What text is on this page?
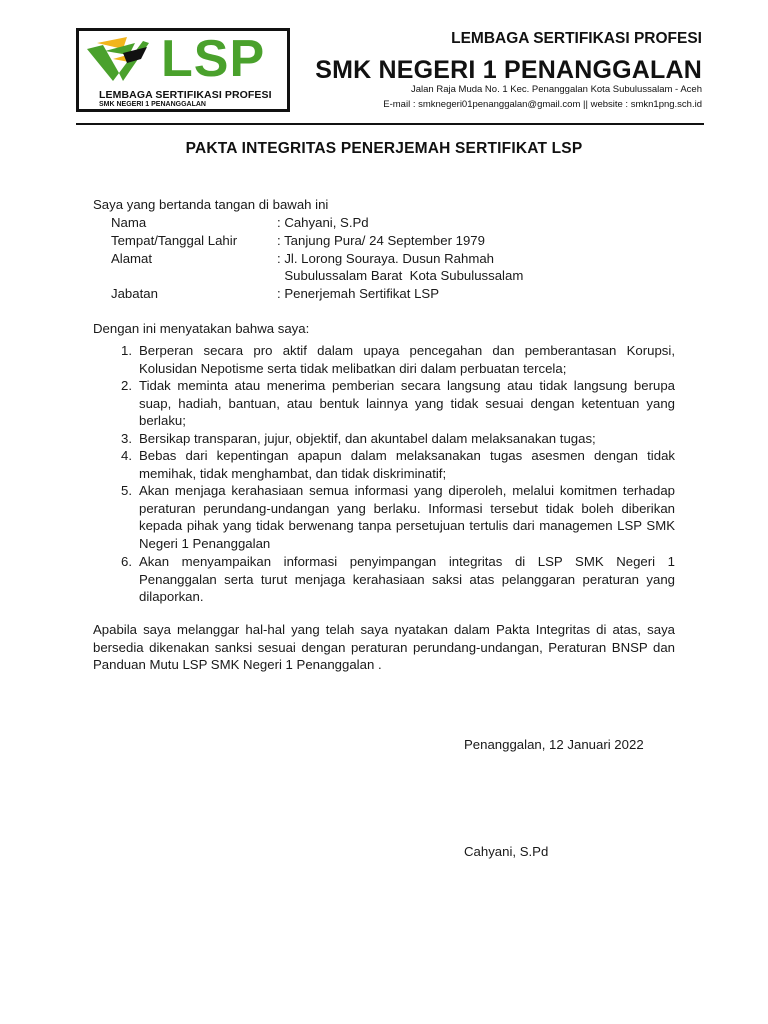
LSP
LEMBAGA SERTIFIKASI PROFESI
SMK NEGERI 1 PENANGGALAN
LEMBAGA SERTIFIKASI PROFESI
SMK NEGERI 1 PENANGGALAN
Jalan Raja Muda No. 1 Kec. Penanggalan Kota Subulussalam - Aceh
E-mail : smknegeri01penanggalan@gmail.com || website : smkn1png.sch.id
PAKTA INTEGRITAS PENERJEMAH SERTIFIKAT LSP
Saya yang bertanda tangan di bawah ini
Nama	: Cahyani, S.Pd
Tempat/Tanggal Lahir	: Tanjung Pura/ 24 September 1979
Alamat	: Jl. Lorong Souraya. Dusun Rahmah
Subulussalam Barat  Kota Subulussalam
Jabatan	: Penerjemah Sertifikat LSP
Dengan ini menyatakan bahwa saya:
1. Berperan secara pro aktif dalam upaya pencegahan dan pemberantasan Korupsi, Kolusidan Nepotisme serta tidak melibatkan diri dalam perbuatan tercela;
2. Tidak meminta atau menerima pemberian secara langsung atau tidak langsung berupa suap, hadiah, bantuan, atau bentuk lainnya yang tidak sesuai dengan ketentuan yang berlaku;
3. Bersikap transparan, jujur, objektif, dan akuntabel dalam melaksanakan tugas;
4. Bebas dari kepentingan apapun dalam melaksanakan tugas asesmen dengan tidak memihak, tidak menghambat, dan tidak diskriminatif;
5. Akan menjaga kerahasiaan semua informasi yang diperoleh, melalui komitmen terhadap peraturan perundang-undangan yang berlaku. Informasi tersebut tidak boleh diberikan kepada pihak yang tidak berwenang tanpa persetujuan tertulis dari managemen LSP SMK Negeri 1 Penanggalan
6. Akan menyampaikan informasi penyimpangan integritas di LSP SMK Negeri 1 Penanggalan serta turut menjaga kerahasiaan saksi atas pelanggaran peraturan yang dilaporkan.
Apabila saya melanggar hal-hal yang telah saya nyatakan dalam Pakta Integritas di atas, saya bersedia dikenakan sanksi sesuai dengan peraturan perundang-undangan, Peraturan BNSP dan Panduan Mutu LSP SMK Negeri 1 Penanggalan .
Penanggalan, 12 Januari 2022
Cahyani, S.Pd
